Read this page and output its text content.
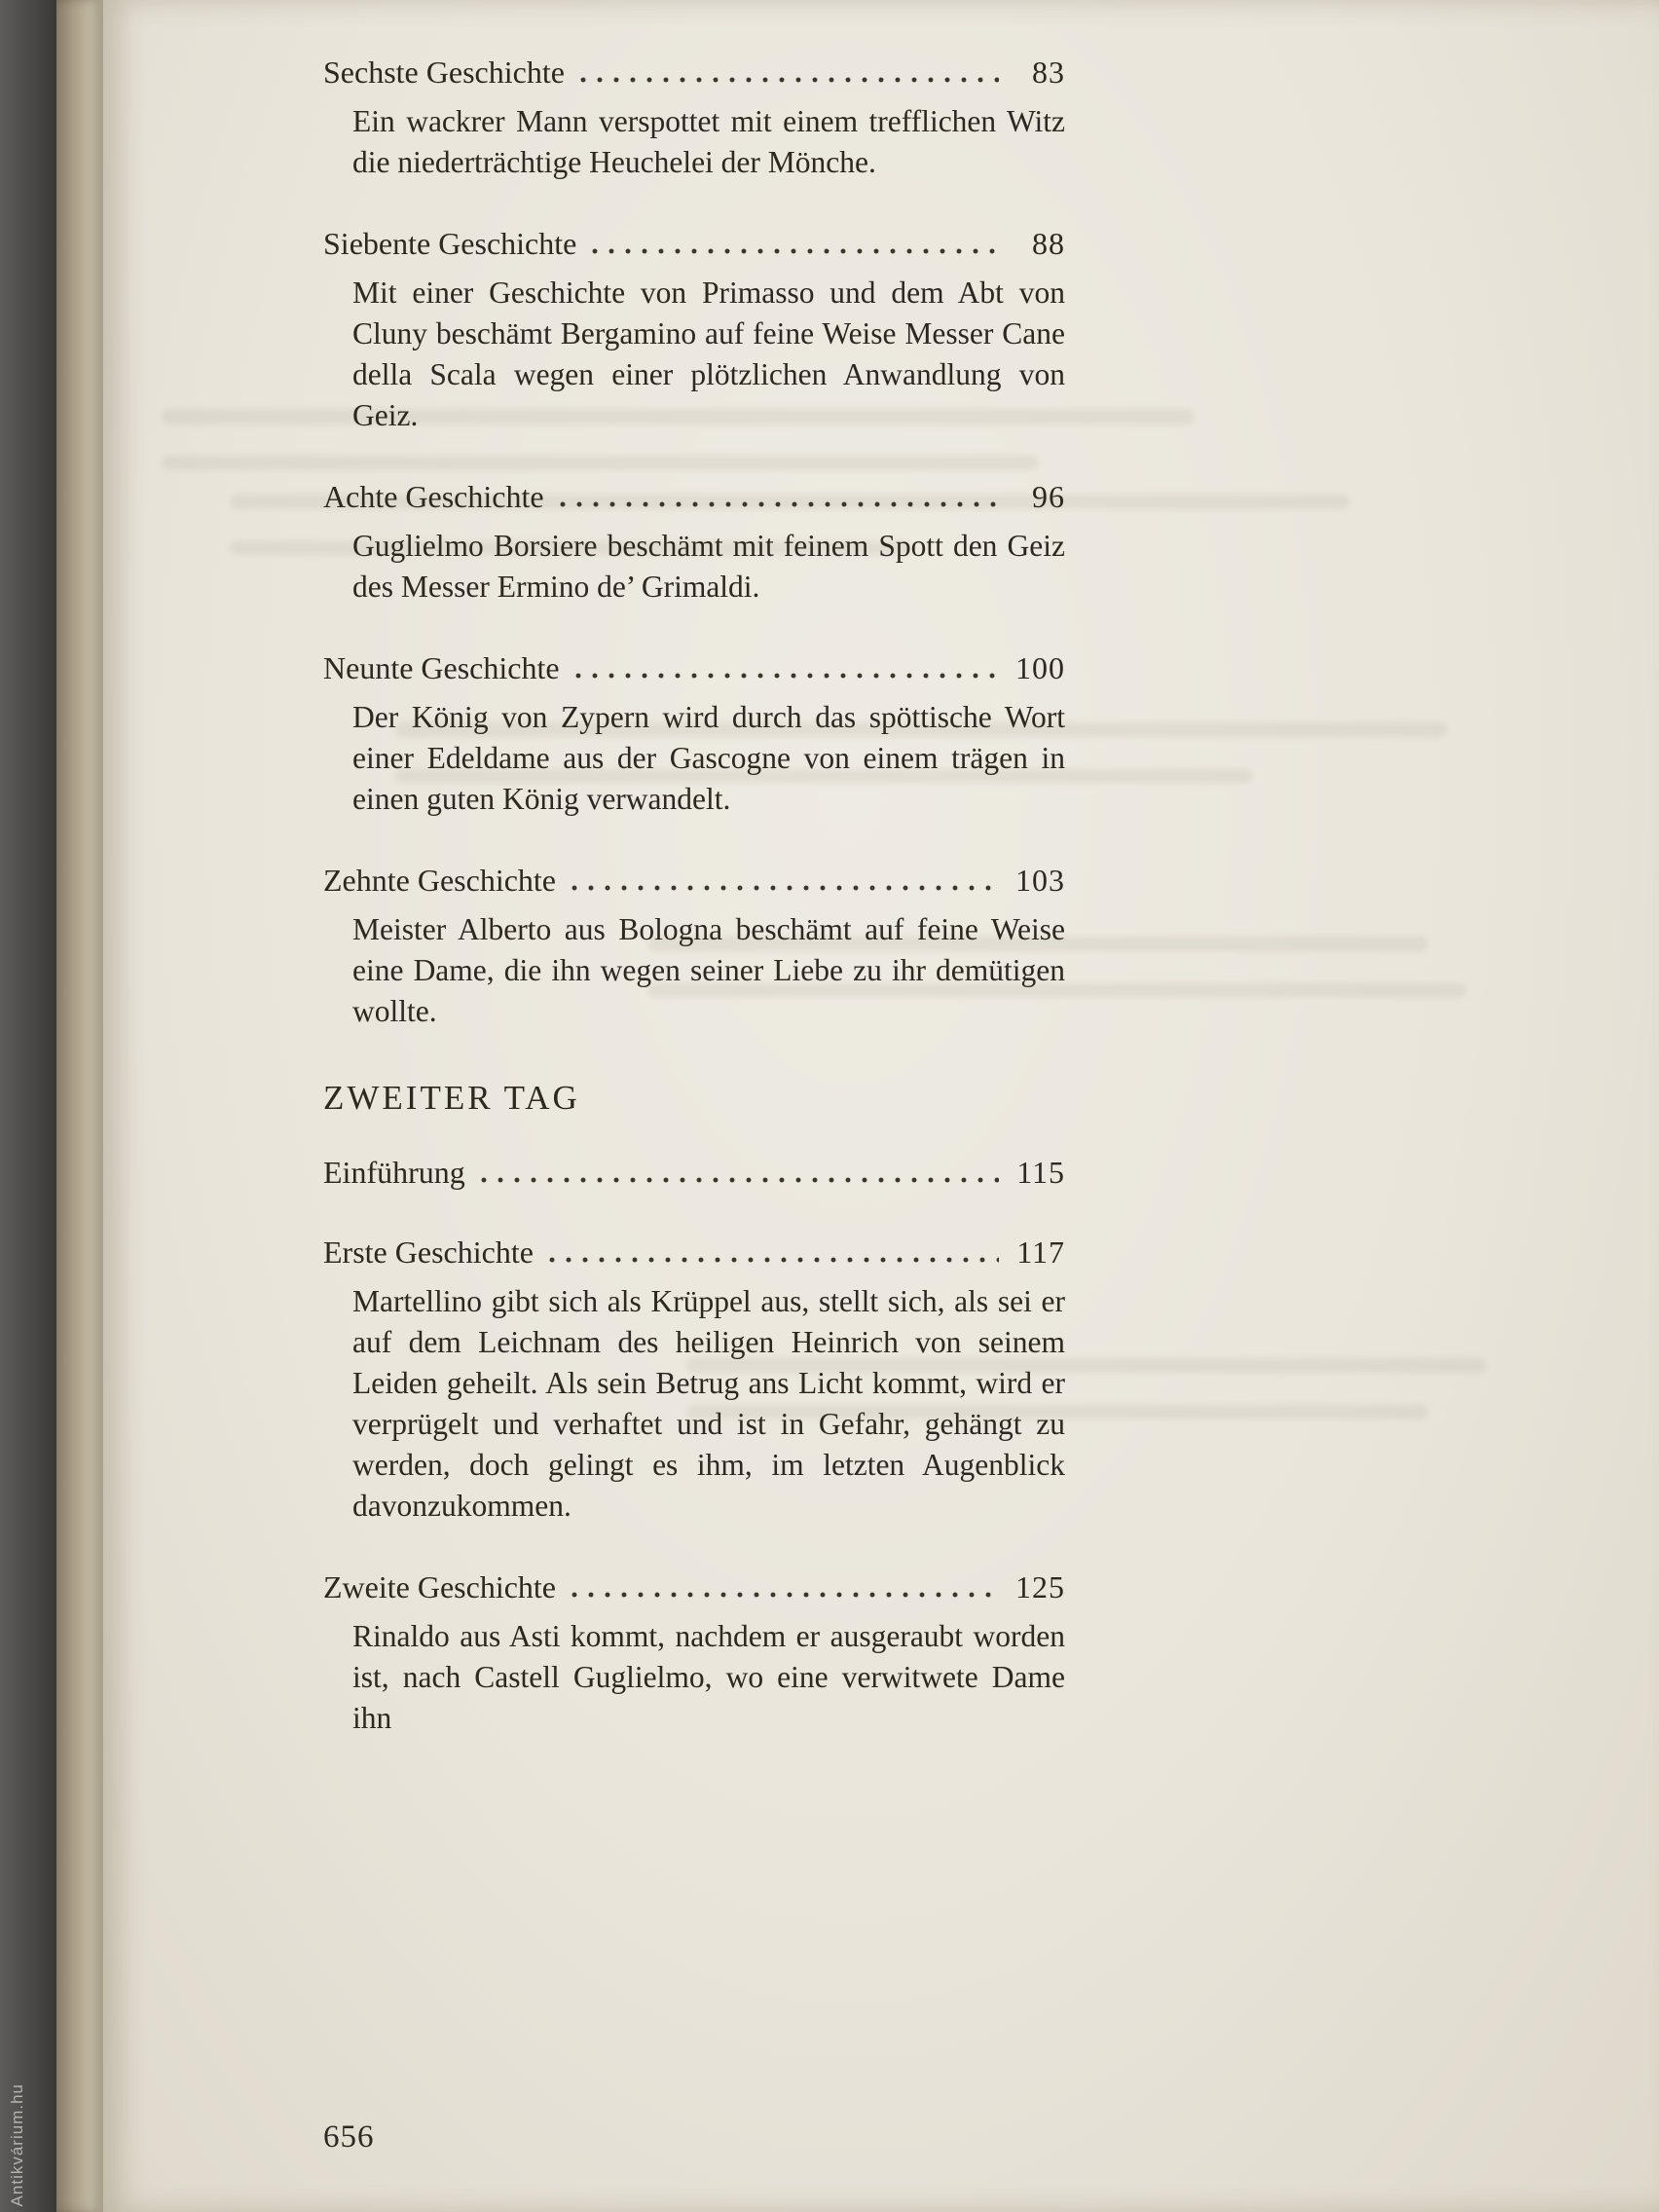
Antikvárium.hu
Sechste Geschichte	83
Ein wackrer Mann verspottet mit einem trefflichen Witz die niederträchtige Heuchelei der Mönche.
Siebente Geschichte	88
Mit einer Geschichte von Primasso und dem Abt von Cluny beschämt Bergamino auf feine Weise Messer Cane della Scala wegen einer plötzlichen Anwandlung von Geiz.
Achte Geschichte	96
Guglielmo Borsiere beschämt mit feinem Spott den Geiz des Messer Ermino de’ Grimaldi.
Neunte Geschichte	100
Der König von Zypern wird durch das spöttische Wort einer Edeldame aus der Gascogne von einem trägen in einen guten König verwandelt.
Zehnte Geschichte	103
Meister Alberto aus Bologna beschämt auf feine Weise eine Dame, die ihn wegen seiner Liebe zu ihr demütigen wollte.
ZWEITER TAG
Einführung	115
Erste Geschichte	117
Martellino gibt sich als Krüppel aus, stellt sich, als sei er auf dem Leichnam des heiligen Heinrich von seinem Leiden geheilt. Als sein Betrug ans Licht kommt, wird er verprügelt und verhaftet und ist in Gefahr, gehängt zu werden, doch gelingt es ihm, im letzten Augenblick davonzukommen.
Zweite Geschichte	125
Rinaldo aus Asti kommt, nachdem er ausgeraubt worden ist, nach Castell Guglielmo, wo eine verwitwete Dame ihn
656
